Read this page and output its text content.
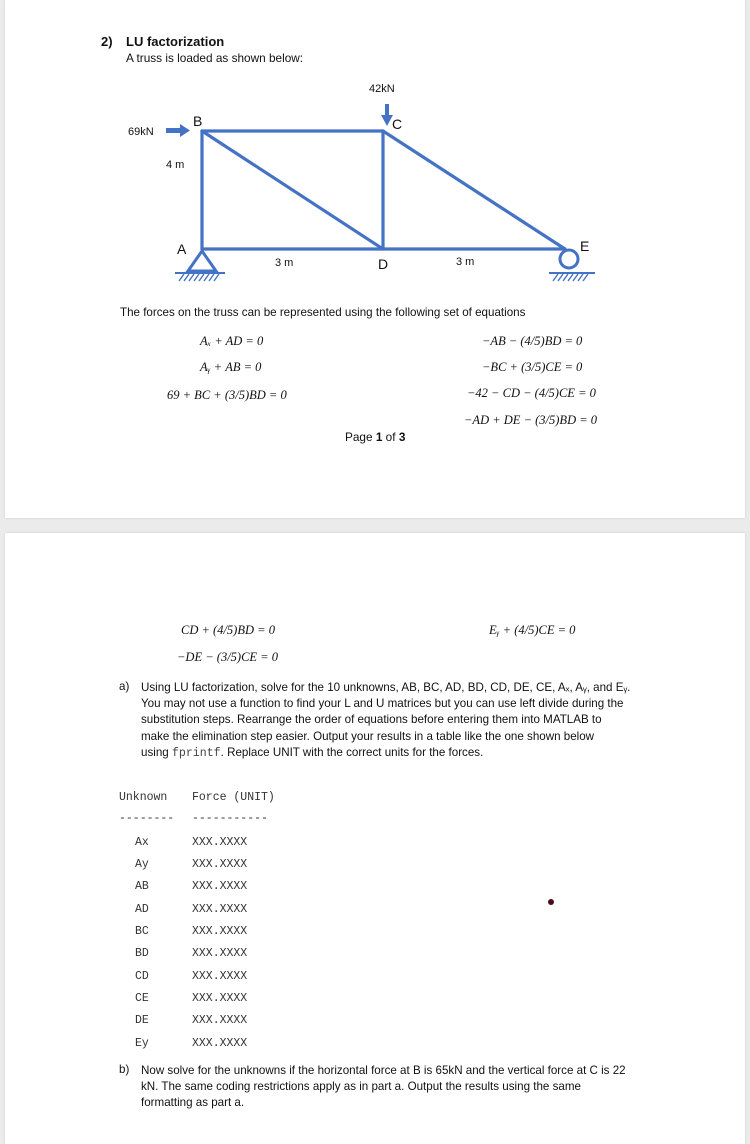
2) LU factorization
A truss is loaded as shown below:
42kN
69kN
B	C
4 m
A
3 m	D	3 m
E
The forces on the truss can be represented using the following set of equations
Aₓ + AD = 0
Aᵧ + AB = 0
69 + BC + (3/5)BD = 0
−AB − (4/5)BD = 0
−BC + (3/5)CE = 0
−42 − CD − (4/5)CE = 0
−AD + DE − (3/5)BD = 0
Page 1 of 3
CD + (4/5)BD = 0
−DE − (3/5)CE = 0
Eᵧ + (4/5)CE = 0
a) Using LU factorization, solve for the 10 unknowns, AB, BC, AD, BD, CD, DE, CE, Aₓ, Aᵧ, and Eᵧ.
You may not use a function to find your L and U matrices but you can use left divide during the
substitution steps. Rearrange the order of equations before entering them into MATLAB to
make the elimination step easier. Output your results in a table like the one shown below
using fprintf. Replace UNIT with the correct units for the forces.
Unknown Force (UNIT)
-------- -----------
Ax	XXX.XXXX
Ay	XXX.XXXX
AB	XXX.XXXX
AD	XXX.XXXX
BC	XXX.XXXX
BD	XXX.XXXX
CD	XXX.XXXX
CE	XXX.XXXX
DE	XXX.XXXX
Ey	XXX.XXXX
b) Now solve for the unknowns if the horizontal force at B is 65kN and the vertical force at C is 22
kN. The same coding restrictions apply as in part a. Output the results using the same
formatting as part a.
